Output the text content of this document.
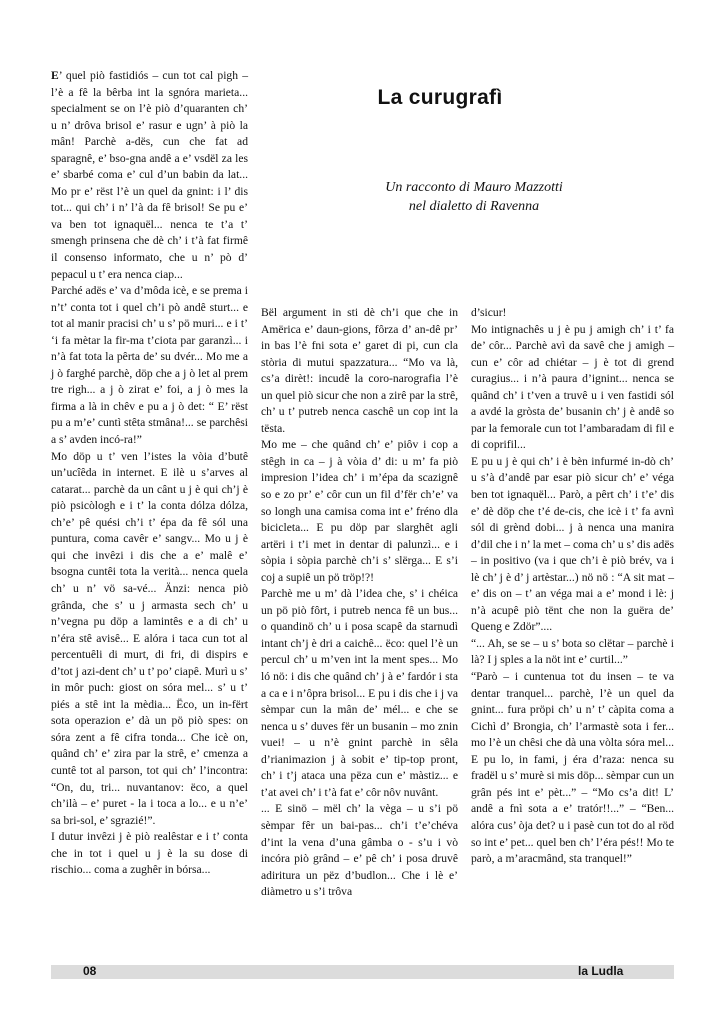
La curugrafì
Un racconto di Mauro Mazzotti
nel dialetto di Ravenna

E’ quel piò fastidiós – cun tot cal pigh – l’è a fê la bêrba int la sgnóra marieta... specialment se on l’è piò d’quaranten ch’ u n’ drôva brisol e’ rasur e ugn’ à piò la mân! Parchè a-dës, cun che fat ad sparagnê, e’ bso-gna andê a e’ vsdël za les e’ sbarbé coma e’ cul d’un babin da lat... Mo pr e’ rëst l’è un quel da gnint: i l’ dis tot... qui ch’ i n’ l’à da fê brisol! Se pu e’ va ben tot ignaquël... nenca te t’a t’ smengh prinsena che dè ch’ i t’à fat firmê il consenso informato, che u n’ pò d’ pepacul u t’ era nenca ciap...

Parché adës e’ va d’môda icè, e se prema i n’t’ conta tot i quel ch’i pò andê sturt... e tot al manir pracisi ch’ u s’ pö muri... e i t’ ‘i fa mètar la fir-ma t’ciota par garanzì... i n’à fat tota la pêrta de’ su dvér... Mo me a j ò farghé parchè, döp che a j ò let al prem tre righ... a j ò zirat e’ foi, a j ò mes la firma a là in chêv e pu a j ò det: “ E’ rëst pu a m’e’ cuntì stêta stmâna!... se parchêsi a s’ avden incó-ra!”

Mo döp u t’ ven l’istes la vòia d’butê un’ucîêda in internet. E ilè u s’arves al catarat... parchè da un cânt u j è qui ch’j è piò psicòlogh e i t’ la conta dólza dólza, ch’e’ pê quési ch’i t’ épa da fê sól una puntura, coma cavêr e’ sangv... Mo u j è qui che invêzi i dis che a e’ malê e’ bsogna cuntêi tota la verità... nenca quela ch’ u n’ vö sa-vé... Änzi: nenca piò grânda, che s’ u j armasta sech ch’ u n’vegna pu döp a lamintês e a di ch’ u n’éra stê avisê... E alóra i taca cun tot al percentuêli di murt, di fri, di dispirs e d’tot j azi-dent ch’ u t’ po’ ciapê. Murì u s’ in môr puch: giost on sóra mel... s’ u t’ piés a stê int la mèdia... Ëco, un in-fërt sota operazion e’ dà un pö piò spes: on sóra zent a fê cifra tonda... Che icè on, quând ch’ e’ zira par la strê, e’ cmenza a cuntê tot al parson, tot qui ch’ l’incontra: “On, du, tri... nuvantanov: ëco, a quel ch’ilà – e’ puret - la i toca a lo... e u n’e’ sa bri-sol, e’ sgrazié!”.

I dutur invêzi j è piò realêstar e i t’ conta che in tot i quel u j è la su dose di rischio... coma a zughêr in bórsa...

Bël argument in sti dè ch’i que che in Amërica e’ daun-gions, fôrza d’ an-dê pr’ in bas l’è fni sota e’ garet di pi, cun cla stòria di mutui spazzatura... “Mo va là, cs’a dirèt!: incudê la coro-narografia l’è un quel piò sicur che non a zirê par la strê, ch’ u t’ putreb nenca caschê un cop int la tësta.

Mo me – che quând ch’ e’ piôv i cop a stêgh in ca – j à vòia d’ di: u m’ fa piò impresion l’idea ch’ i m’épa da scazignê so e zo pr’ e’ côr cun un fil d’fër ch’e’ va so longh una camisa coma int e’ fréno dla bicicleta... E pu döp par slarghêt agli artëri i t’i met in dentar di palunzì... e i sòpia i sòpia parchè ch’i s’ slërga... E s’i coj a supiê un pö tröp!?!

Parchè me u m’ dà l’idea che, s’ i chéica un pö piò fôrt, i putreb nenca fê un bus... o quandinö ch’ u i posa scapê da starnudì intant ch’j è dri a caichê... ëco: quel l’è un percul ch’ u m’ven int la ment spes... Mo ló nö: i dis che quând ch’ j à e’ fardór i sta a ca e i n’ôpra brisol... E pu i dis che i j va sèmpar cun la mân de’ mél... e che se nenca u s’ duves fër un busanin – mo znin vuei! – u n’è gnint parchè in sêla d’rianimazion j à sobit e’ tip-top pront, ch’ i t’j ataca una pëza cun e’ màstiz... e t’at avei ch’ i t’à fat e’ côr nôv nuvânt.

... E sinö – mël ch’ la vèga – u s’i pö sèmpar fêr un bai-pas... ch’i t’e’chéva d’int la vena d’una gâmba o - s’u i vò incóra piò grând – e’ pê ch’ i posa druvê adiritura un pëz d’budlon... Che i lè e’ diàmetro u s’i trôva

d’sicur!

Mo intignachês u j è pu j amigh ch’ i t’ fa de’ côr... Parchè avì da savê che j amigh – cun e’ côr ad chiétar – j è tot di grend curagius... i n’à paura d’ignint... nenca se quând ch’ i t’ven a truvê u i ven fastidi sól a avdé la gròsta de’ busanin ch’ j è andê so par la femorale cun tot l’ambaradam di fil e di coprifil...

E pu u j è qui ch’ i è bèn infurmé in-dò ch’ u s’à d’andê par esar piò sicur ch’ e’ véga ben tot ignaquël... Parò, a pêrt ch’ i t’e’ dis e’ dè döp che t’é de-cis, che icè i t’ fa avnì sól di grènd dobi... j à nenca una manira d’dil che i n’ la met – coma ch’ u s’ dis adës – in positivo (va i que ch’i è piò brév, va i lè ch’ j è d’ j artèstar...) nö nö : “A sit mat – e’ dis on – t’ an véga mai a e’ mond i lè: j n’à acupê piò tënt che non la guëra de’ Queng e Zdör”....

“... Ah, se se – u s’ bota so clëtar – parchè i là? I j sples a la nöt int e’ curtil...”

“Parò – i cuntenua tot du insen – te va dentar tranquel... parchè, l’è un quel da gnint... fura pröpi ch’ u n’ t’ càpita coma a Cichì d’ Brongia, ch’ l’armastè sota i fer... mo l’è un chêsi che dà una vòlta sóra mel... E pu lo, in fami, j éra d’raza: nenca su fradël u s’ murè si mis döp... sèmpar cun un grân pés int e’ pèt...” – “Mo cs’a dit! L’ andê a fnì sota a e’ tratór!!...” – “Ben... alóra cus’ òja det? u i pasè cun tot do al röd so int e’ pet... quel ben ch’ l’éra pés!! Mo te parò, a m’aracmând, sta tranquel!”

08	la Ludla
